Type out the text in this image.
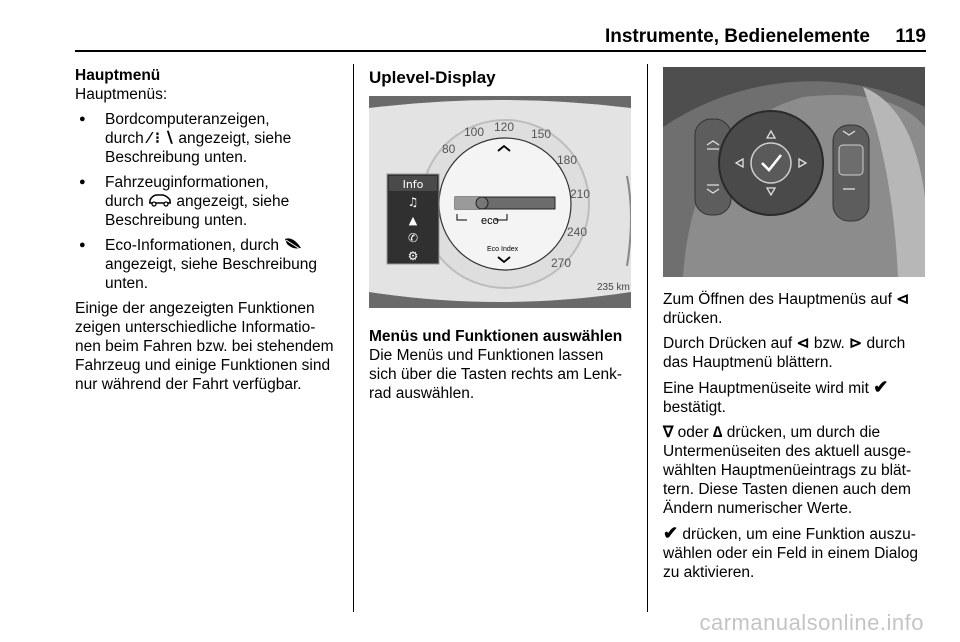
Instrumente, Bedienelemente 119
Hauptmenü

Hauptmenüs:

● Bordcomputeranzeigen,
durch ⁄ ⁝ ∖ angezeigt, siehe
Beschreibung unten.
● Fahrzeuginformationen,
durch  angezeigt, siehe
Beschreibung unten.
● Eco-Informationen, durch
angezeigt, siehe Beschreibung
unten.
Einige der angezeigten Funktionen
zeigen unterschiedliche Informatio-
nen beim Fahren bzw. bei stehendem
Fahrzeug und einige Funktionen sind
nur während der Fahrt verfügbar.
Uplevel-Display
eco
Eco Index
80
100 120 150
180
210
240
270
Info
♫
▲
✆
⚙
235 km
Menüs und Funktionen auswählen
Die Menüs und Funktionen lassen
sich über die Tasten rechts am Lenk-
rad auswählen.

Zum Öffnen des Hauptmenüs auf ⊲
drücken.

Durch Drücken auf ⊲ bzw. ⊳ durch
das Hauptmenü blättern.

Eine Hauptmenüseite wird mit ✔
bestätigt.

∇ oder ∆ drücken, um durch die
Untermenüseiten des aktuell ausge-
wählten Hauptmenüeintrags zu blät-
tern. Diese Tasten dienen auch dem
Ändern numerischer Werte.

✔ drücken, um eine Funktion auszu-
wählen oder ein Feld in einem Dialog
zu aktivieren.

carmanualsonline.info
